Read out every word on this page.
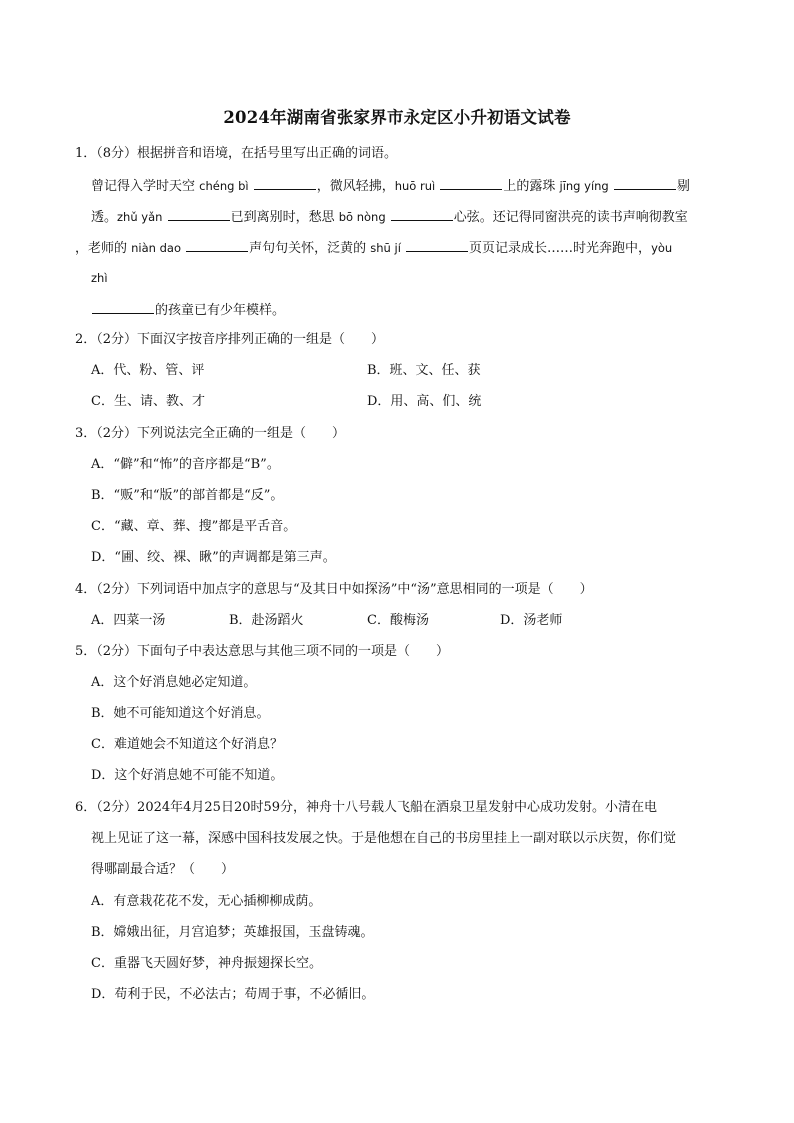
2024年湖南省张家界市永定区小升初语文试卷
1．（8分）根据拼音和语境，在括号里写出正确的词语。
曾记得入学时天空 chéng bì	，微风轻拂，huō ruì	上的露珠 jīng yíng	剔
透。zhǔ yǎn	已到离别时，愁思 bō nòng	心弦。还记得同窗洪亮的读书声响彻教室
，老师的 niàn dao	声句句关怀，泛黄的 shū jí	页页记录成长……时光奔跑中，yòu
zhì
的孩童已有少年模样。
2．（2分）下面汉字按音序排列正确的一组是（　　）
A．代、粉、管、评	B．班、文、任、获
C．生、请、教、才	D．用、高、们、统
3．（2分）下列说法完全正确的一组是（　　）
A．“僻”和“怖”的音序都是“B”。
B．“贩”和“版”的部首都是“反”。
C．“藏、章、葬、搜”都是平舌音。
D．“圃、绞、裸、瞅”的声调都是第三声。
4．（2分）下列词语中加点字的意思与“及其日中如探汤”中“汤”意思相同的一项是（　　）
A．四菜一汤	B．赴汤蹈火	C．酸梅汤	D．汤老师
5．（2分）下面句子中表达意思与其他三项不同的一项是（　　）
A．这个好消息她必定知道。
B．她不可能知道这个好消息。
C．难道她会不知道这个好消息？
D．这个好消息她不可能不知道。
6．（2分）2024年4月25日20时59分，神舟十八号载人飞船在酒泉卫星发射中心成功发射。小清在电
视上见证了这一幕，深感中国科技发展之快。于是他想在自己的书房里挂上一副对联以示庆贺，你们觉
得哪副最合适？（　　）
A．有意栽花花不发，无心插柳柳成荫。
B．嫦娥出征，月宫追梦；英雄报国，玉盘铸魂。
C．重器飞天圆好梦，神舟振翅探长空。
D．苟利于民，不必法古；苟周于事，不必循旧。
